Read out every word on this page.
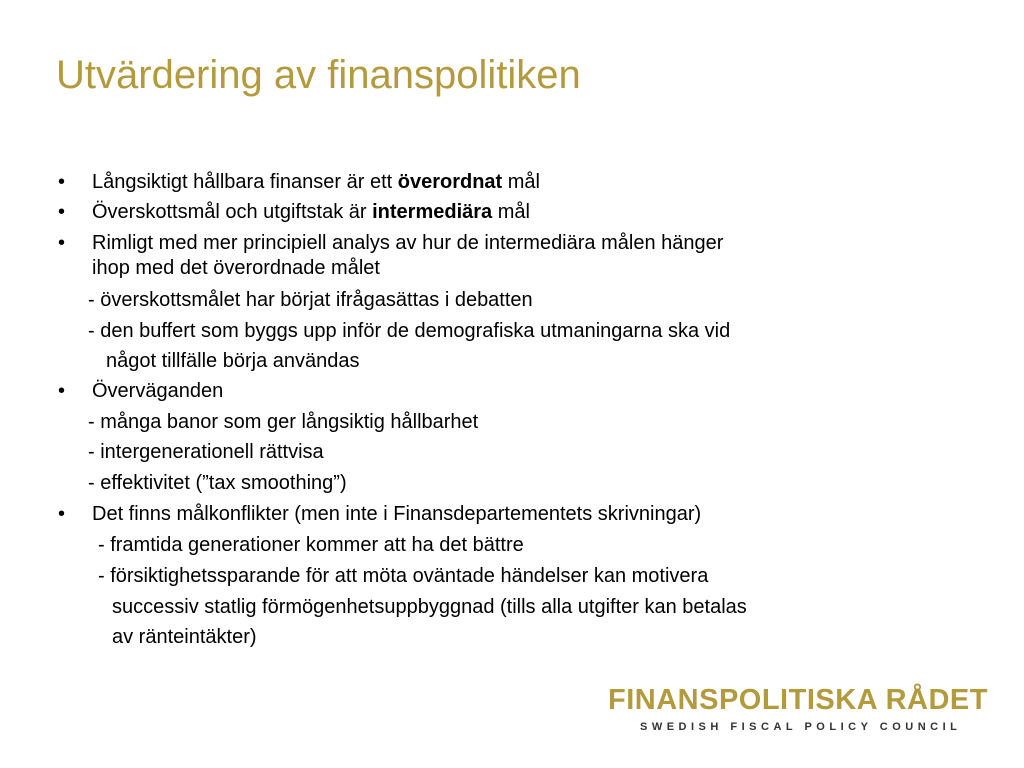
Utvärdering av finanspolitiken
• Långsiktigt hållbara finanser är ett överordnat mål
• Överskottsmål och utgiftstak är intermediära mål
• Rimligt med mer principiell analys av hur de intermediära målen hänger
ihop med det överordnade målet
- överskottsmålet har börjat ifrågasättas i debatten
- den buffert som byggs upp inför de demografiska utmaningarna ska vid
något tillfälle börja användas
• Överväganden
- många banor som ger långsiktig hållbarhet
- intergenerationell rättvisa
- effektivitet (”tax smoothing”)
• Det finns målkonflikter (men inte i Finansdepartementets skrivningar)
- framtida generationer kommer att ha det bättre
- försiktighetssparande för att möta oväntade händelser kan motivera
successiv statlig förmögenhetsuppbyggnad (tills alla utgifter kan betalas
av ränteintäkter)
FINANSPOLITISKA RÅDET
SWEDISH FISCAL POLICY COUNCIL
